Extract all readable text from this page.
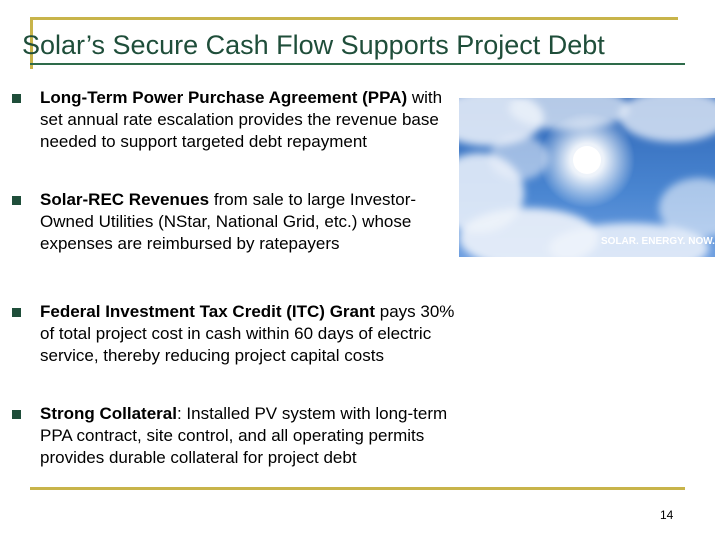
Solar’s Secure Cash Flow Supports Project Debt
Long-Term Power Purchase Agreement (PPA) with set annual rate escalation provides the revenue base needed to support targeted debt repayment
Solar-REC Revenues from sale to large Investor-Owned Utilities (NStar, National Grid, etc.) whose expenses are reimbursed by ratepayers
Federal Investment Tax Credit (ITC) Grant pays 30% of total project cost in cash within 60 days of electric service, thereby reducing project capital costs
Strong Collateral: Installed PV system with long-term PPA contract, site control, and all operating permits provides durable collateral for project debt
SOLAR. ENERGY. NOW.
14
